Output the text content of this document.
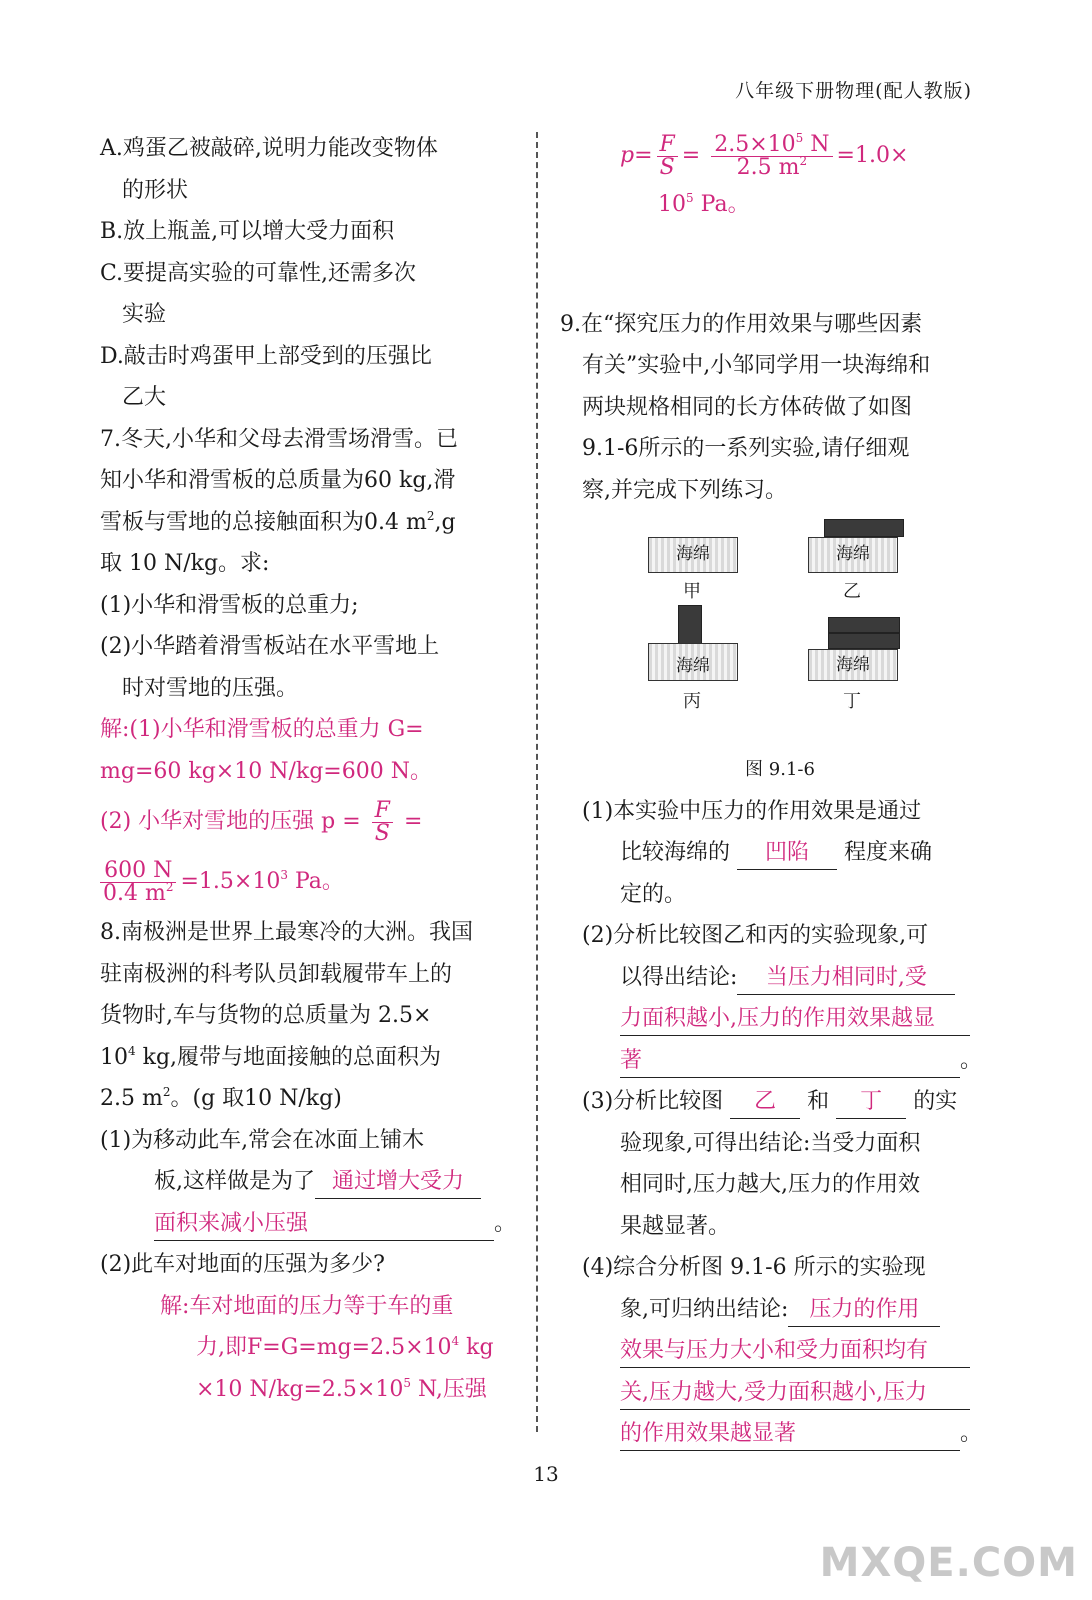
八年级下册物理(配人教版)
A.鸡蛋乙被敲碎,说明力能改变物体
的形状
B.放上瓶盖,可以增大受力面积
C.要提高实验的可靠性,还需多次
实验
D.敲击时鸡蛋甲上部受到的压强比
乙大
7.冬天,小华和父母去滑雪场滑雪。已
知小华和滑雪板的总质量为60 kg,滑
雪板与雪地的总接触面积为0.4 $m^2,g$
取 10 N/kg。求:
(1)小华和滑雪板的总重力;
(2)小华踏着滑雪板站在水平雪地上
时对雪地的压强。
解:(1)小华和滑雪板的总重力 G=
mg=60 kg×10 N/kg=600 N。
(2) 小华对雪地的压强 $p = \frac{F}{S}$ =
$\frac{600 N}{0.4 m^2} =1.5\times 10^3$ Pa。
8.南极洲是世界上最寒冷的大洲。我国
驻南极洲的科考队员卸载履带车上的
货物时,车与货物的总质量为 2.5×
$10^4$ kg,履带与地面接触的总面积为
2.5 $m^2$。(g 取10 N/kg)
(1)为移动此车,常会在冰面上铺木
板,这样做是为了 通过增大受力
面积来减小压强	。
(2)此车对地面的压强为多少?
解:车对地面的压力等于车的重
力,即$F=G=mg=2.5\times 10^4$ kg
×10 $N/kg=2.5\times 10^5$ N,压强
$p= \frac{F}{S} = \frac{2.5\times 10^5 N}{2.5 m^2} =1.0\times$
$10^5$ Pa。
9.在“探究压力的作用效果与哪些因素
有关”实验中,小邹同学用一块海绵和
两块规格相同的长方体砖做了如图
9.1-6所示的一系列实验,请仔细观
察,并完成下列练习。
海绵
甲
海绵
乙
海绵
丙
海绵
丁
图 9.1-6
(1)本实验中压力的作用效果是通过
比较海绵的 凹陷 程度来确
定的。
(2)分析比较图乙和丙的实验现象,可
以得出结论: 当压力相同时,受
力面积越小,压力的作用效果越显
著	。
(3)分析比较图 乙 和 丁 的实
验现象,可得出结论:当受力面积
相同时,压力越大,压力的作用效
果越显著。
(4)综合分析图 9.1-6 所示的实验现
象,可归纳出结论: 压力的作用
效果与压力大小和受力面积均有
关,压力越大,受力面积越小,压力
的作用效果越显著	。
13
MXQE.COM
